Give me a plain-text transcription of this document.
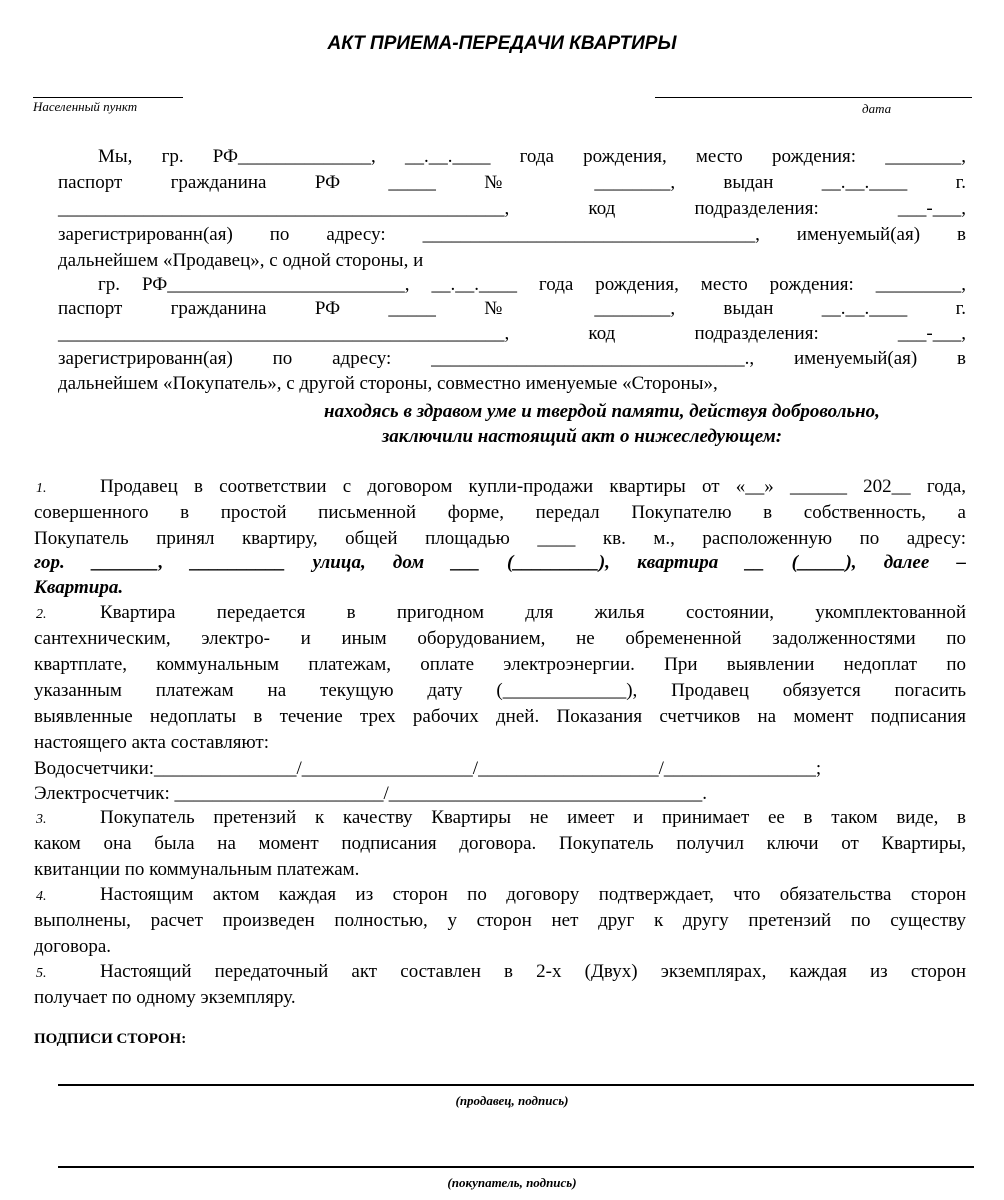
АКТ ПРИЕМА-ПЕРЕДАЧИ КВАРТИРЫ
Населенный пункт	дата
Мы, гр. РФ______________, __.__.____ года рождения, место рождения: ________,
паспорт гражданина РФ _____ № ________, выдан __.__.____ г.
_______________________________________________, код подразделения: ___-___,
зарегистрированн(ая) по адресу: ___________________________________, именуемый(ая) в
дальнейшем «Продавец», с одной стороны, и
гр. РФ_________________________, __.__.____ года рождения, место рождения: _________,
паспорт гражданина РФ _____ № ________, выдан __.__.____ г.
_______________________________________________, код подразделения: ___-___,
зарегистрированн(ая) по адресу: _________________________________., именуемый(ая) в
дальнейшем «Покупатель», с другой стороны, совместно именуемые «Стороны»,
находясь в здравом уме и твердой памяти, действуя добровольно,
заключили настоящий акт о нижеследующем:
1.	Продавец в соответствии с договором купли-продажи квартиры от «__» ______ 202__ года,
совершенного в простой письменной форме, передал Покупателю в собственность, а
Покупатель принял квартиру, общей площадью ____ кв. м., расположенную по адресу:
гор. _______, __________ улица, дом ___ (_________), квартира __ (_____), далее –
Квартира.
2.	Квартира передается в пригодном для жилья состоянии, укомплектованной
сантехническим, электро- и иным оборудованием, не обремененной задолженностями по
квартплате, коммунальным платежам, оплате электроэнергии. При выявлении недоплат по
указанным платежам на текущую дату (_____________), Продавец обязуется погасить
выявленные недоплаты в течение трех рабочих дней. Показания счетчиков на момент подписания
настоящего акта составляют:
Водосчетчики:_______________/__________________/___________________/________________;
Электросчетчик: ______________________/_________________________________.
3.	Покупатель претензий к качеству Квартиры не имеет и принимает ее в таком виде, в
каком она была на момент подписания договора. Покупатель получил ключи от Квартиры,
квитанции по коммунальным платежам.
4.	Настоящим актом каждая из сторон по договору подтверждает, что обязательства сторон
выполнены, расчет произведен полностью, у сторон нет друг к другу претензий по существу
договора.
5.	Настоящий передаточный акт составлен в 2-х (Двух) экземплярах, каждая из сторон
получает по одному экземпляру.
ПОДПИСИ СТОРОН:
(продавец, подпись)
(покупатель, подпись)
